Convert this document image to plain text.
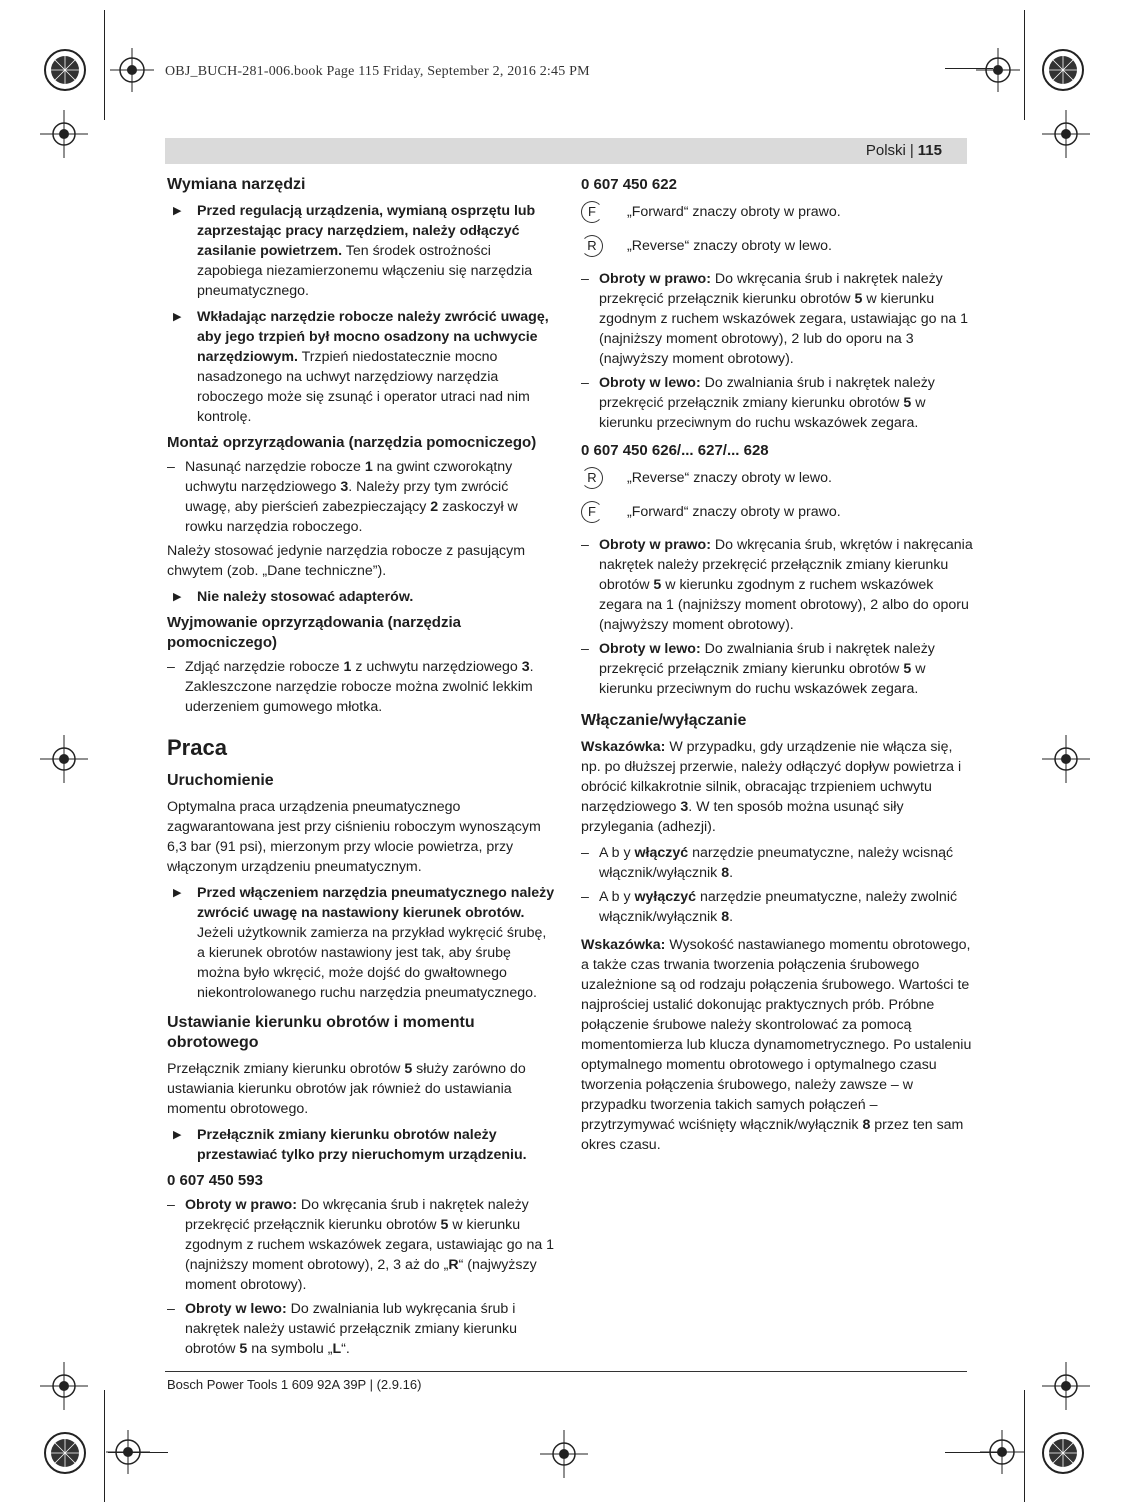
OBJ_BUCH-281-006.book Page 115 Friday, September 2, 2016 2:45 PM
Polski | 115
Wymiana narzędzi
▶ Przed regulacją urządzenia, wymianą osprzętu lub zaprzestając pracy narzędziem, należy odłączyć zasilanie powietrzem. Ten środek ostrożności zapobiega niezamierzonemu włączeniu się narzędzia pneumatycznego.
▶ Wkładając narzędzie robocze należy zwrócić uwagę, aby jego trzpień był mocno osadzony na uchwycie narzędziowym. Trzpień niedostatecznie mocno nasadzonego na uchwyt narzędziowy narzędzia roboczego może się zsunąć i operator utraci nad nim kontrolę.
Montaż oprzyrządowania (narzędzia pomocniczego)
– Nasunąć narzędzie robocze 1 na gwint czworokątny uchwytu narzędziowego 3. Należy przy tym zwrócić uwagę, aby pierścień zabezpieczający 2 zaskoczył w rowku narzędzia roboczego.

Należy stosować jedynie narzędzia robocze z pasującym chwytem (zob. „Dane techniczne”).

▶ Nie należy stosować adapterów.
Wyjmowanie oprzyrządowania (narzędzia pomocniczego)
– Zdjąć narzędzie robocze 1 z uchwytu narzędziowego 3. Zakleszczone narzędzie robocze można zwolnić lekkim uderzeniem gumowego młotka.
Praca
Uruchomienie

Optymalna praca urządzenia pneumatycznego zagwarantowana jest przy ciśnieniu roboczym wynoszącym 6,3 bar (91 psi), mierzonym przy wlocie powietrza, przy włączonym urządzeniu pneumatycznym.

▶ Przed włączeniem narzędzia pneumatycznego należy zwrócić uwagę na nastawiony kierunek obrotów. Jeżeli użytkownik zamierza na przykład wykręcić śrubę, a kierunek obrotów nastawiony jest tak, aby śrubę można było wkręcić, może dojść do gwałtownego niekontrolowanego ruchu narzędzia pneumatycznego.
Ustawianie kierunku obrotów i momentu obrotowego

Przełącznik zmiany kierunku obrotów 5 służy zarówno do ustawiania kierunku obrotów jak również do ustawiania momentu obrotowego.

▶ Przełącznik zmiany kierunku obrotów należy przestawiać tylko przy nieruchomym urządzeniu.
0 607 450 593
– Obroty w prawo: Do wkręcania śrub i nakrętek należy przekręcić przełącznik kierunku obrotów 5 w kierunku zgodnym z ruchem wskazówek zegara, ustawiając go na 1 (najniższy moment obrotowy), 2, 3 aż do „R“ (najwyższy moment obrotowy).
– Obroty w lewo: Do zwalniania lub wykręcania śrub i nakrętek należy ustawić przełącznik zmiany kierunku obrotów 5 na symbolu „L“.
0 607 450 622
F	„Forward“ znaczy obroty w prawo.
R	„Reverse“ znaczy obroty w lewo.
– Obroty w prawo: Do wkręcania śrub i nakrętek należy przekręcić przełącznik kierunku obrotów 5 w kierunku zgodnym z ruchem wskazówek zegara, ustawiając go na 1 (najniższy moment obrotowy), 2 lub do oporu na 3 (najwyższy moment obrotowy).
– Obroty w lewo: Do zwalniania śrub i nakrętek należy przekręcić przełącznik zmiany kierunku obrotów 5 w kierunku przeciwnym do ruchu wskazówek zegara.
0 607 450 626/... 627/... 628
R	„Reverse“ znaczy obroty w lewo.
F	„Forward“ znaczy obroty w prawo.
– Obroty w prawo: Do wkręcania śrub, wkrętów i nakręcania nakrętek należy przekręcić przełącznik zmiany kierunku obrotów 5 w kierunku zgodnym z ruchem wskazówek zegara na 1 (najniższy moment obrotowy), 2 albo do oporu (najwyższy moment obrotowy).
– Obroty w lewo: Do zwalniania śrub i nakrętek należy przekręcić przełącznik zmiany kierunku obrotów 5 w kierunku przeciwnym do ruchu wskazówek zegara.
Włączanie/wyłączanie

Wskazówka: W przypadku, gdy urządzenie nie włącza się, np. po dłuższej przerwie, należy odłączyć dopływ powietrza i obrócić kilkakrotnie silnik, obracając trzpieniem uchwytu narzędziowego 3. W ten sposób można usunąć siły przylegania (adhezji).

– A b y włączyć narzędzie pneumatyczne, należy wcisnąć włącznik/wyłącznik 8.
– A b y wyłączyć narzędzie pneumatyczne, należy zwolnić włącznik/wyłącznik 8.

Wskazówka: Wysokość nastawianego momentu obrotowego, a także czas trwania tworzenia połączenia śrubowego uzależnione są od rodzaju połączenia śrubowego. Wartości te najprościej ustalić dokonując praktycznych prób. Próbne połączenie śrubowe należy skontrolować za pomocą momentomierza lub klucza dynamometrycznego. Po ustaleniu optymalnego momentu obrotowego i optymalnego czasu tworzenia połączenia śrubowego, należy zawsze – w przypadku tworzenia takich samych połączeń – przytrzymywać wciśnięty włącznik/wyłącznik 8 przez ten sam okres czasu.

Bosch Power Tools 1 609 92A 39P | (2.9.16)
